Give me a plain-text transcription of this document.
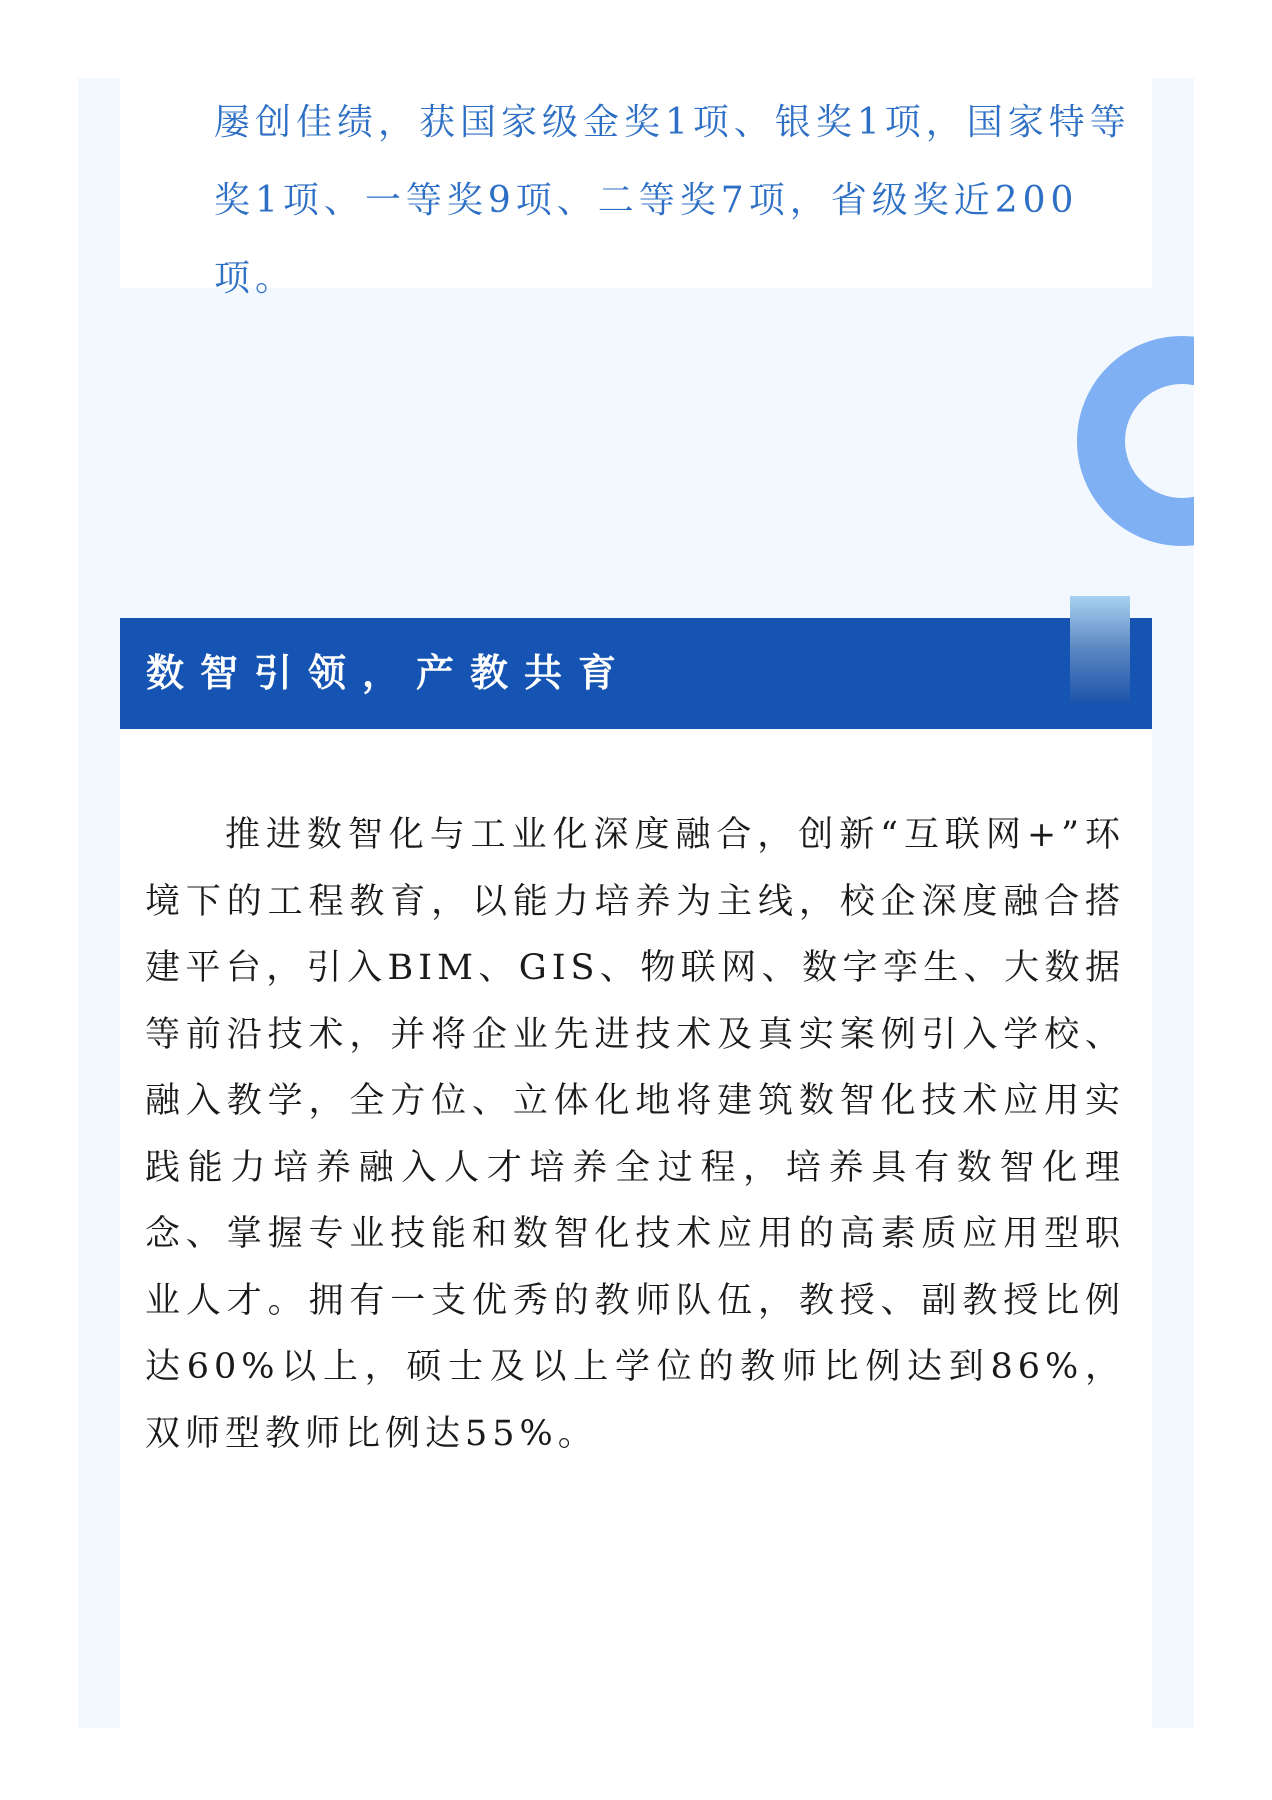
屡创佳绩，获国家级金奖1项、银奖1项，国家特等奖1项、一等奖9项、二等奖7项，省级奖近200项。

数智引领，产教共育

推进数智化与工业化深度融合，创新“互联网+”环境下的工程教育，以能力培养为主线，校企深度融合搭建平台，引入BIM、GIS、物联网、数字孪生、大数据等前沿技术，并将企业先进技术及真实案例引入学校、融入教学，全方位、立体化地将建筑数智化技术应用实践能力培养融入人才培养全过程，培养具有数智化理念、掌握专业技能和数智化技术应用的高素质应用型职业人才。拥有一支优秀的教师队伍，教授、副教授比例达60%以上，硕士及以上学位的教师比例达到86%，双师型教师比例达55%。
